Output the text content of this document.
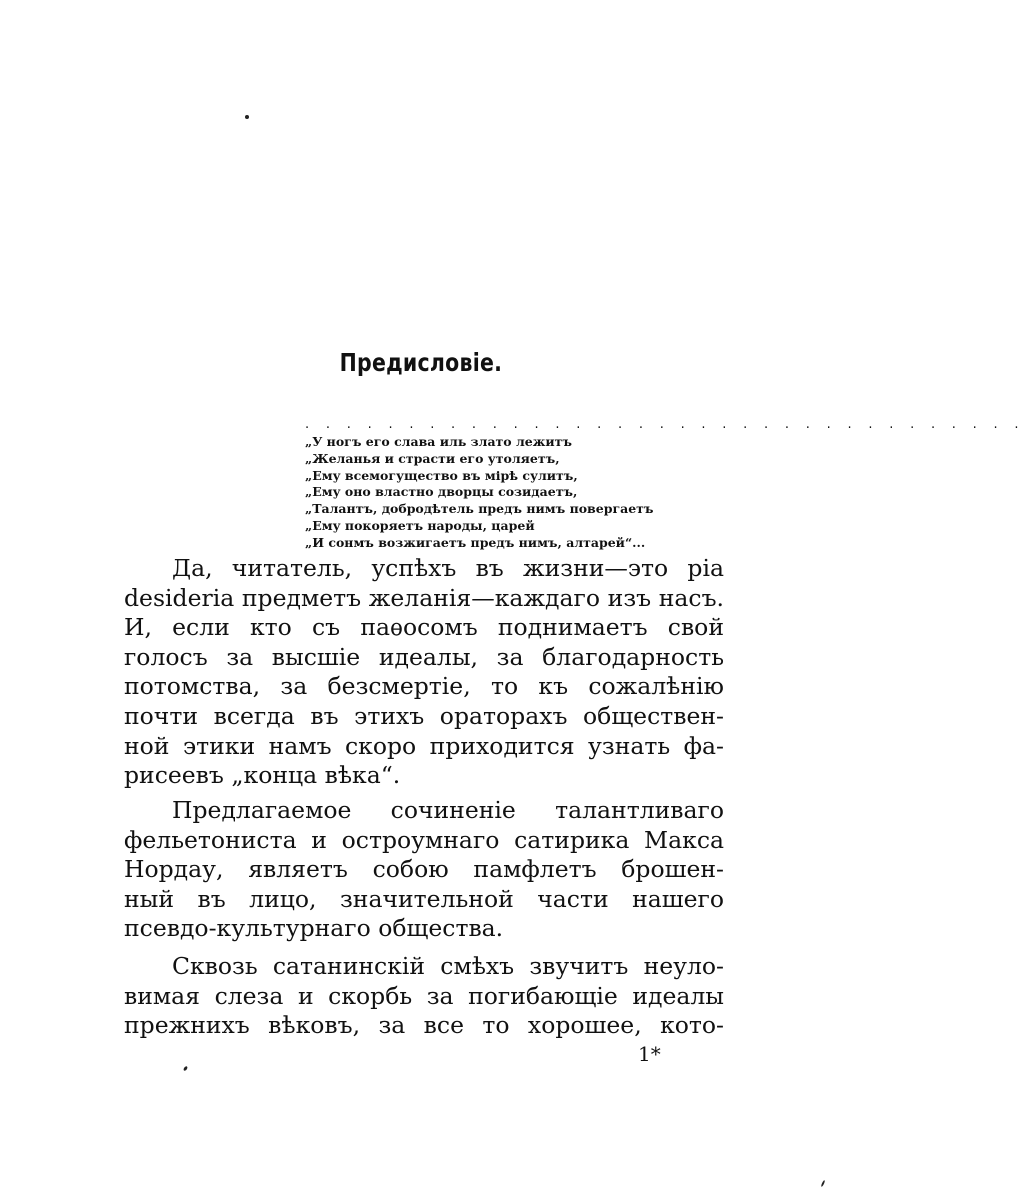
Предисловіе.
. . . . . . . . . . . . . . . . . . . . . . . . . . . . . . . . . . .
„У ногъ его слава иль злато лежитъ
„Желанья и страсти его утоляетъ,
„Ему всемогущество въ мірѣ сулитъ,
„Ему оно властно дворцы созидаетъ,
„Талантъ, добродѣтель предъ нимъ повергаетъ
„Ему покоряетъ народы, царей
„И сонмъ возжигаетъ предъ нимъ, алтарей“...

Да, читатель, успѣхъ въ жизни—это pia
desideria предметъ желанія—каждаго изъ насъ.
И, если кто съ паѳосомъ поднимаетъ свой
голосъ за высшіе идеалы, за благодарность
потомства, за безсмертіе, то къ сожалѣнію
почти всегда въ этихъ ораторахъ обществен-
ной этики намъ скоро приходится узнать фа-
рисеевъ „конца вѣка“.

Предлагаемое сочиненіе талантливаго
фельетониста и остроумнаго сатирика Макса
Нордау, являетъ собою памфлетъ брошен-
ный въ лицо, значительной части нашего
псевдо-культурнаго общества.

Сквозь сатанинскій смѣхъ звучитъ неуло-
вимая слеза и скорбь за погибающіе идеалы
прежнихъ вѣковъ, за все то хорошее, кото-

1*
